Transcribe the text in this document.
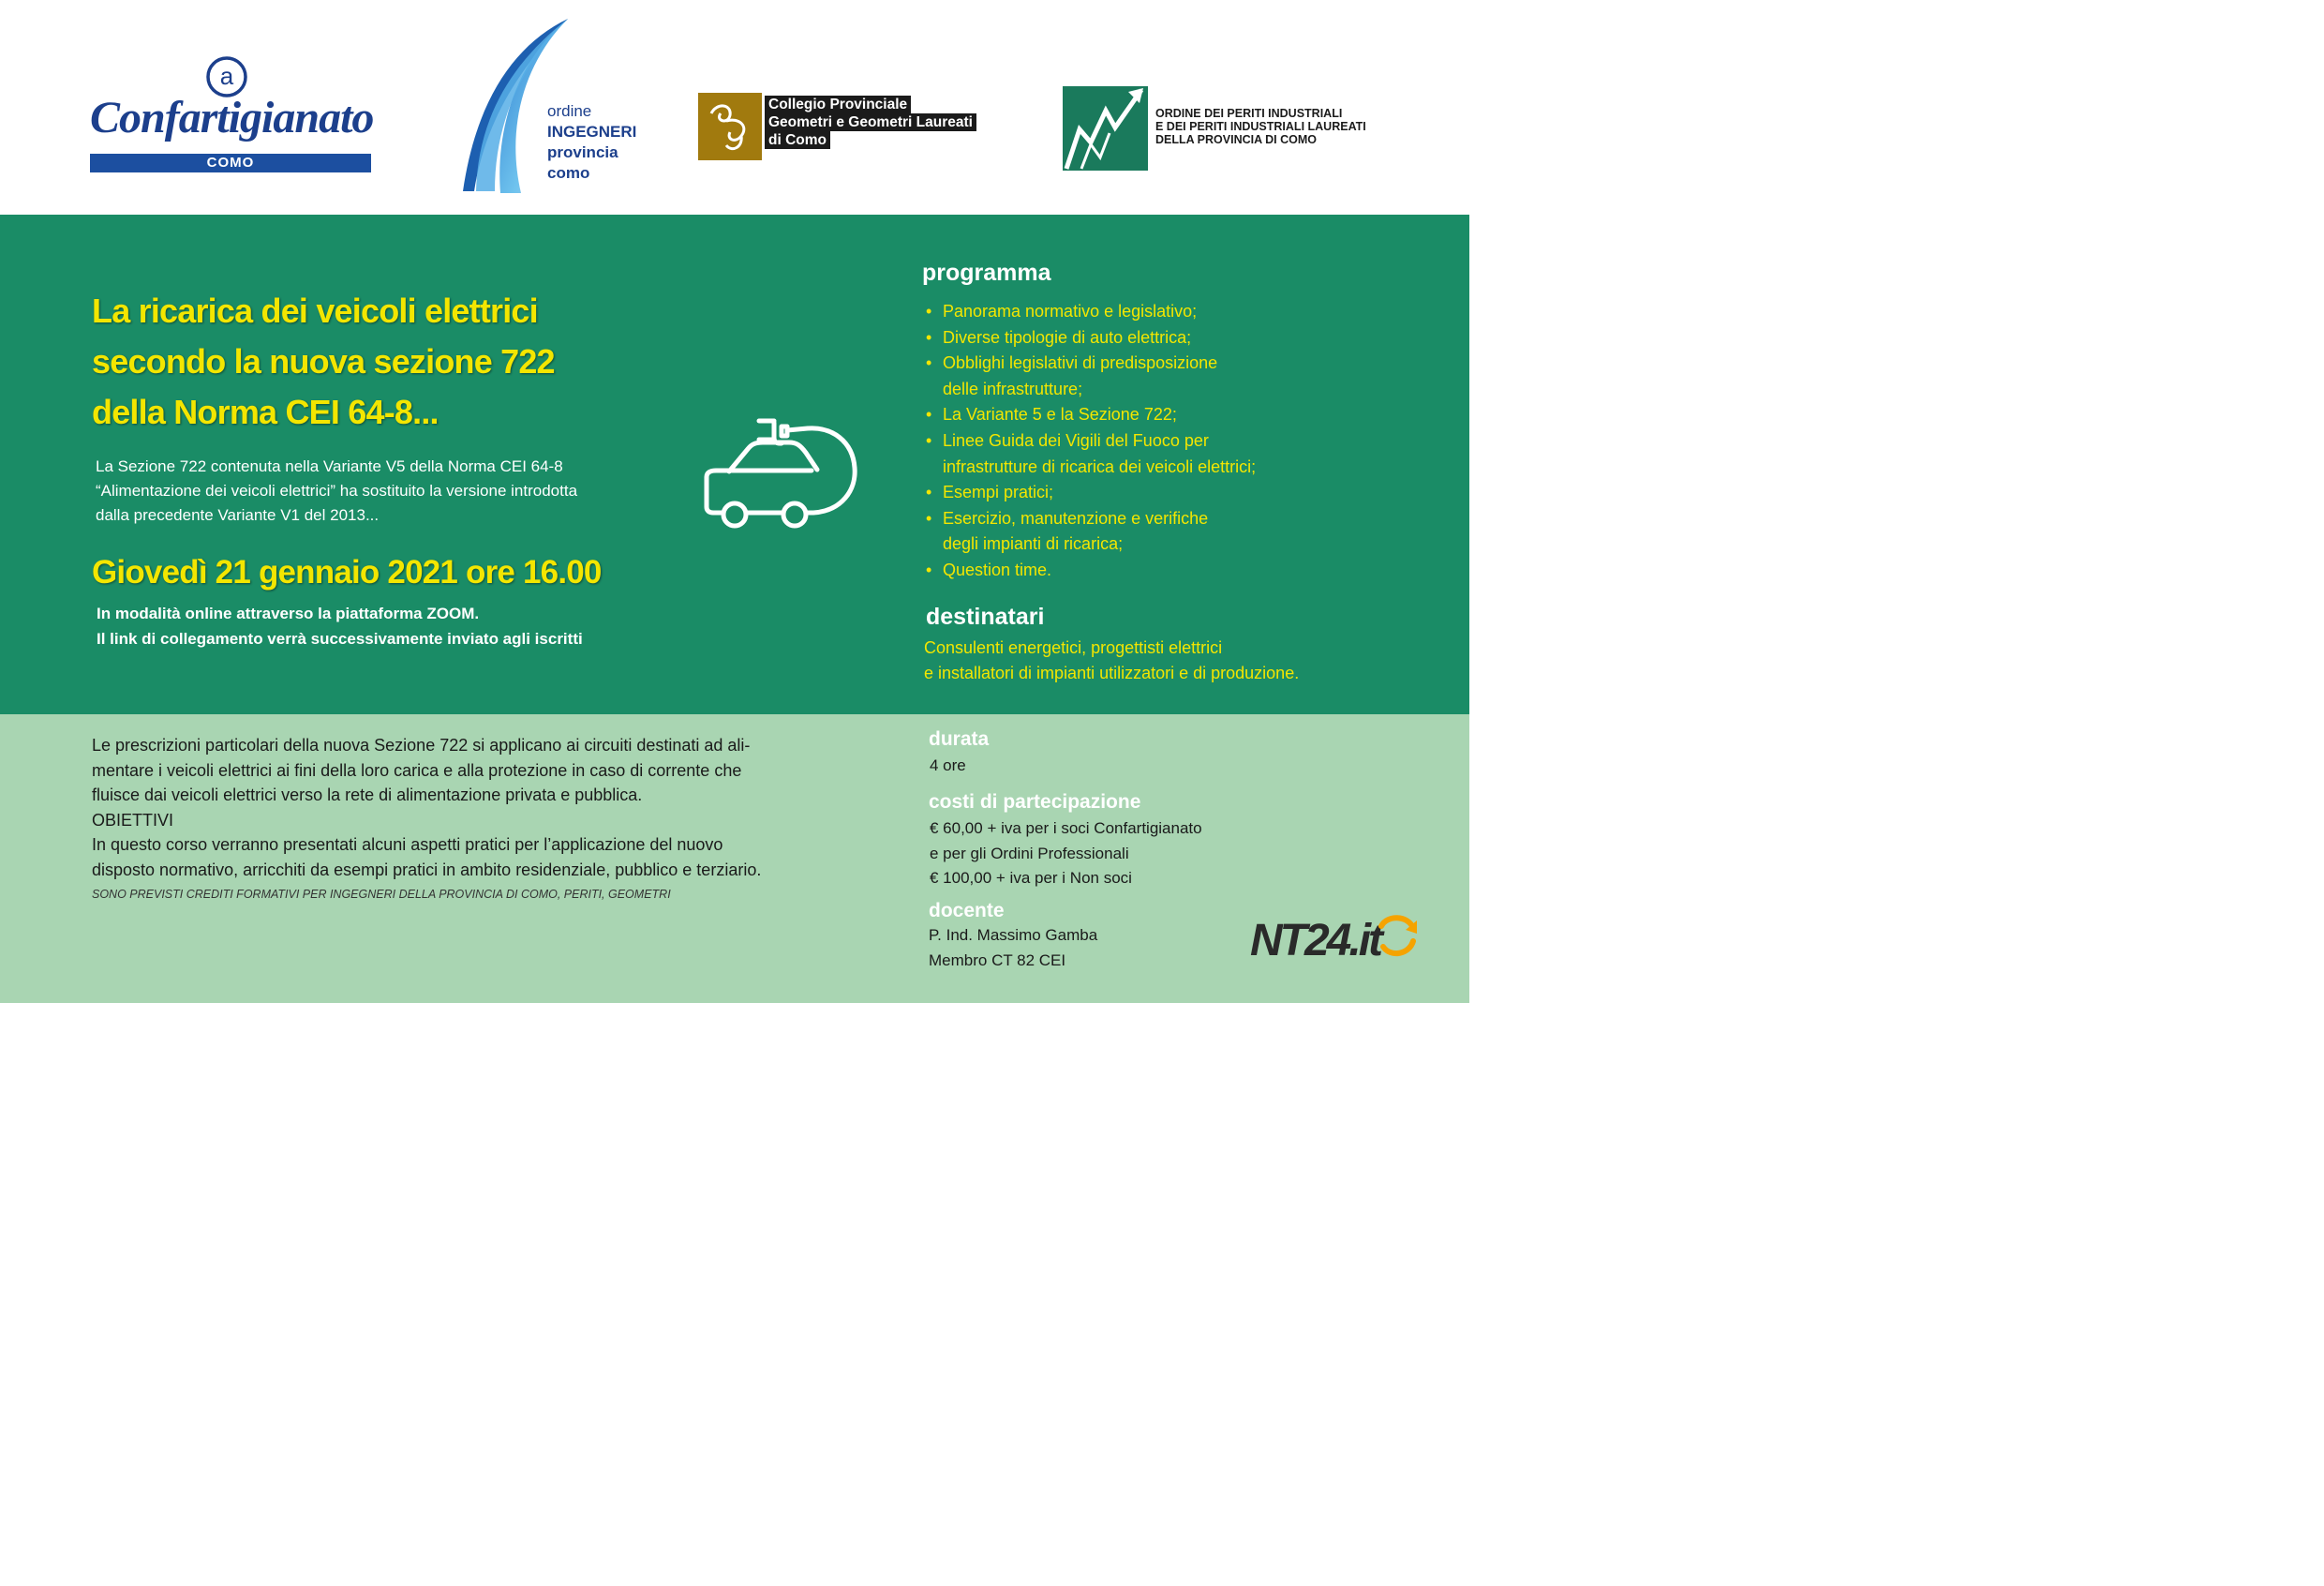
a
Confartigianato
COMO
ordine
INGEGNERI
provincia
como
Collegio Provinciale
Geometri e Geometri Laureati
di Como
ORDINE DEI PERITI INDUSTRIALI
E DEI PERITI INDUSTRIALI LAUREATI
DELLA PROVINCIA DI COMO
La ricarica dei veicoli elettrici
secondo la nuova sezione 722
della Norma CEI 64-8...
La Sezione 722 contenuta nella Variante V5 della Norma CEI 64-8
“Alimentazione dei veicoli elettrici” ha sostituito la versione introdotta
dalla precedente Variante V1 del 2013...
Giovedì 21 gennaio 2021 ore 16.00
In modalità online attraverso la piattaforma ZOOM.
Il link di collegamento verrà successivamente inviato agli iscritti
programma
• Panorama normativo e legislativo;
• Diverse tipologie di auto elettrica;
• Obblighi legislativi di predisposizione
delle infrastrutture;
• La Variante 5 e la Sezione 722;
• Linee Guida dei Vigili del Fuoco per
infrastrutture di ricarica dei veicoli elettrici;
• Esempi pratici;
• Esercizio, manutenzione e verifiche
degli impianti di ricarica;
• Question time.
destinatari
Consulenti energetici, progettisti elettrici
e installatori di impianti utilizzatori e di produzione.
Le prescrizioni particolari della nuova Sezione 722 si applicano ai circuiti destinati ad ali-
mentare i veicoli elettrici ai fini della loro carica e alla protezione in caso di corrente che
fluisce dai veicoli elettrici verso la rete di alimentazione privata e pubblica.
OBIETTIVI
In questo corso verranno presentati alcuni aspetti pratici per l’applicazione del nuovo
disposto normativo, arricchiti da esempi pratici in ambito residenziale, pubblico e terziario.
SONO PREVISTI CREDITI FORMATIVI PER INGEGNERI DELLA PROVINCIA DI COMO, PERITI, GEOMETRI
durata
4 ore
costi di partecipazione
€ 60,00 + iva per i soci Confartigianato
e per gli Ordini Professionali
€ 100,00 + iva per i Non soci
docente
P. Ind. Massimo Gamba
Membro CT 82 CEI	NT24.it
